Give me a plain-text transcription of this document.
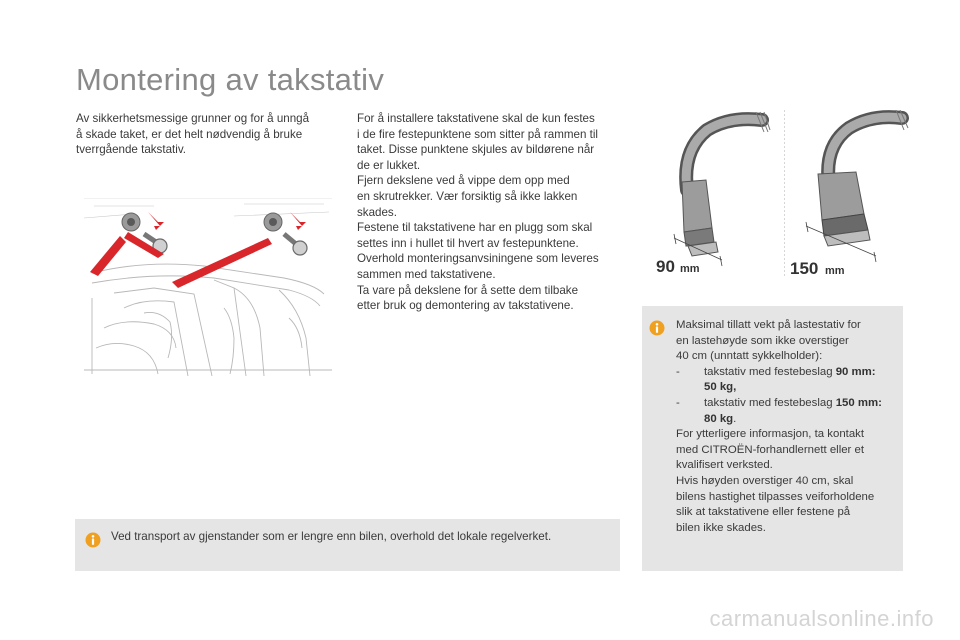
Montering av takstativ

Av sikkerhetsmessige grunner og for å unngå
å skade taket, er det helt nødvendig å bruke
tverrgående takstativ.

For å installere takstativene skal de kun festes
i de fire festepunktene som sitter på rammen til
taket. Disse punktene skjules av bildørene når
de er lukket.
Fjern dekslene ved å vippe dem opp med
en skrutrekker. Vær forsiktig så ikke lakken
skades.
Festene til takstativene har en plugg som skal
settes inn i hullet til hvert av festepunktene.
Overhold monteringsanvsiningene som leveres
sammen med takstativene.
Ta vare på dekslene for å sette dem tilbake
etter bruk og demontering av takstativene.

90 mm	150 mm

Maksimal tillatt vekt på lastestativ for
en lastehøyde som ikke overstiger
40 cm (unntatt sykkelholder):

- takstativ med festebeslag 90 mm:
50 kg,
- takstativ med festebeslag 150 mm:
80 kg.

For ytterligere informasjon, ta kontakt
med CITROËN-forhandlernett eller et
kvalifisert verksted.
Hvis høyden overstiger 40 cm, skal
bilens hastighet tilpasses veiforholdene
slik at takstativene eller festene på
bilen ikke skades.

Ved transport av gjenstander som er lengre enn bilen, overhold det lokale regelverket.
carmanualsonline.info
